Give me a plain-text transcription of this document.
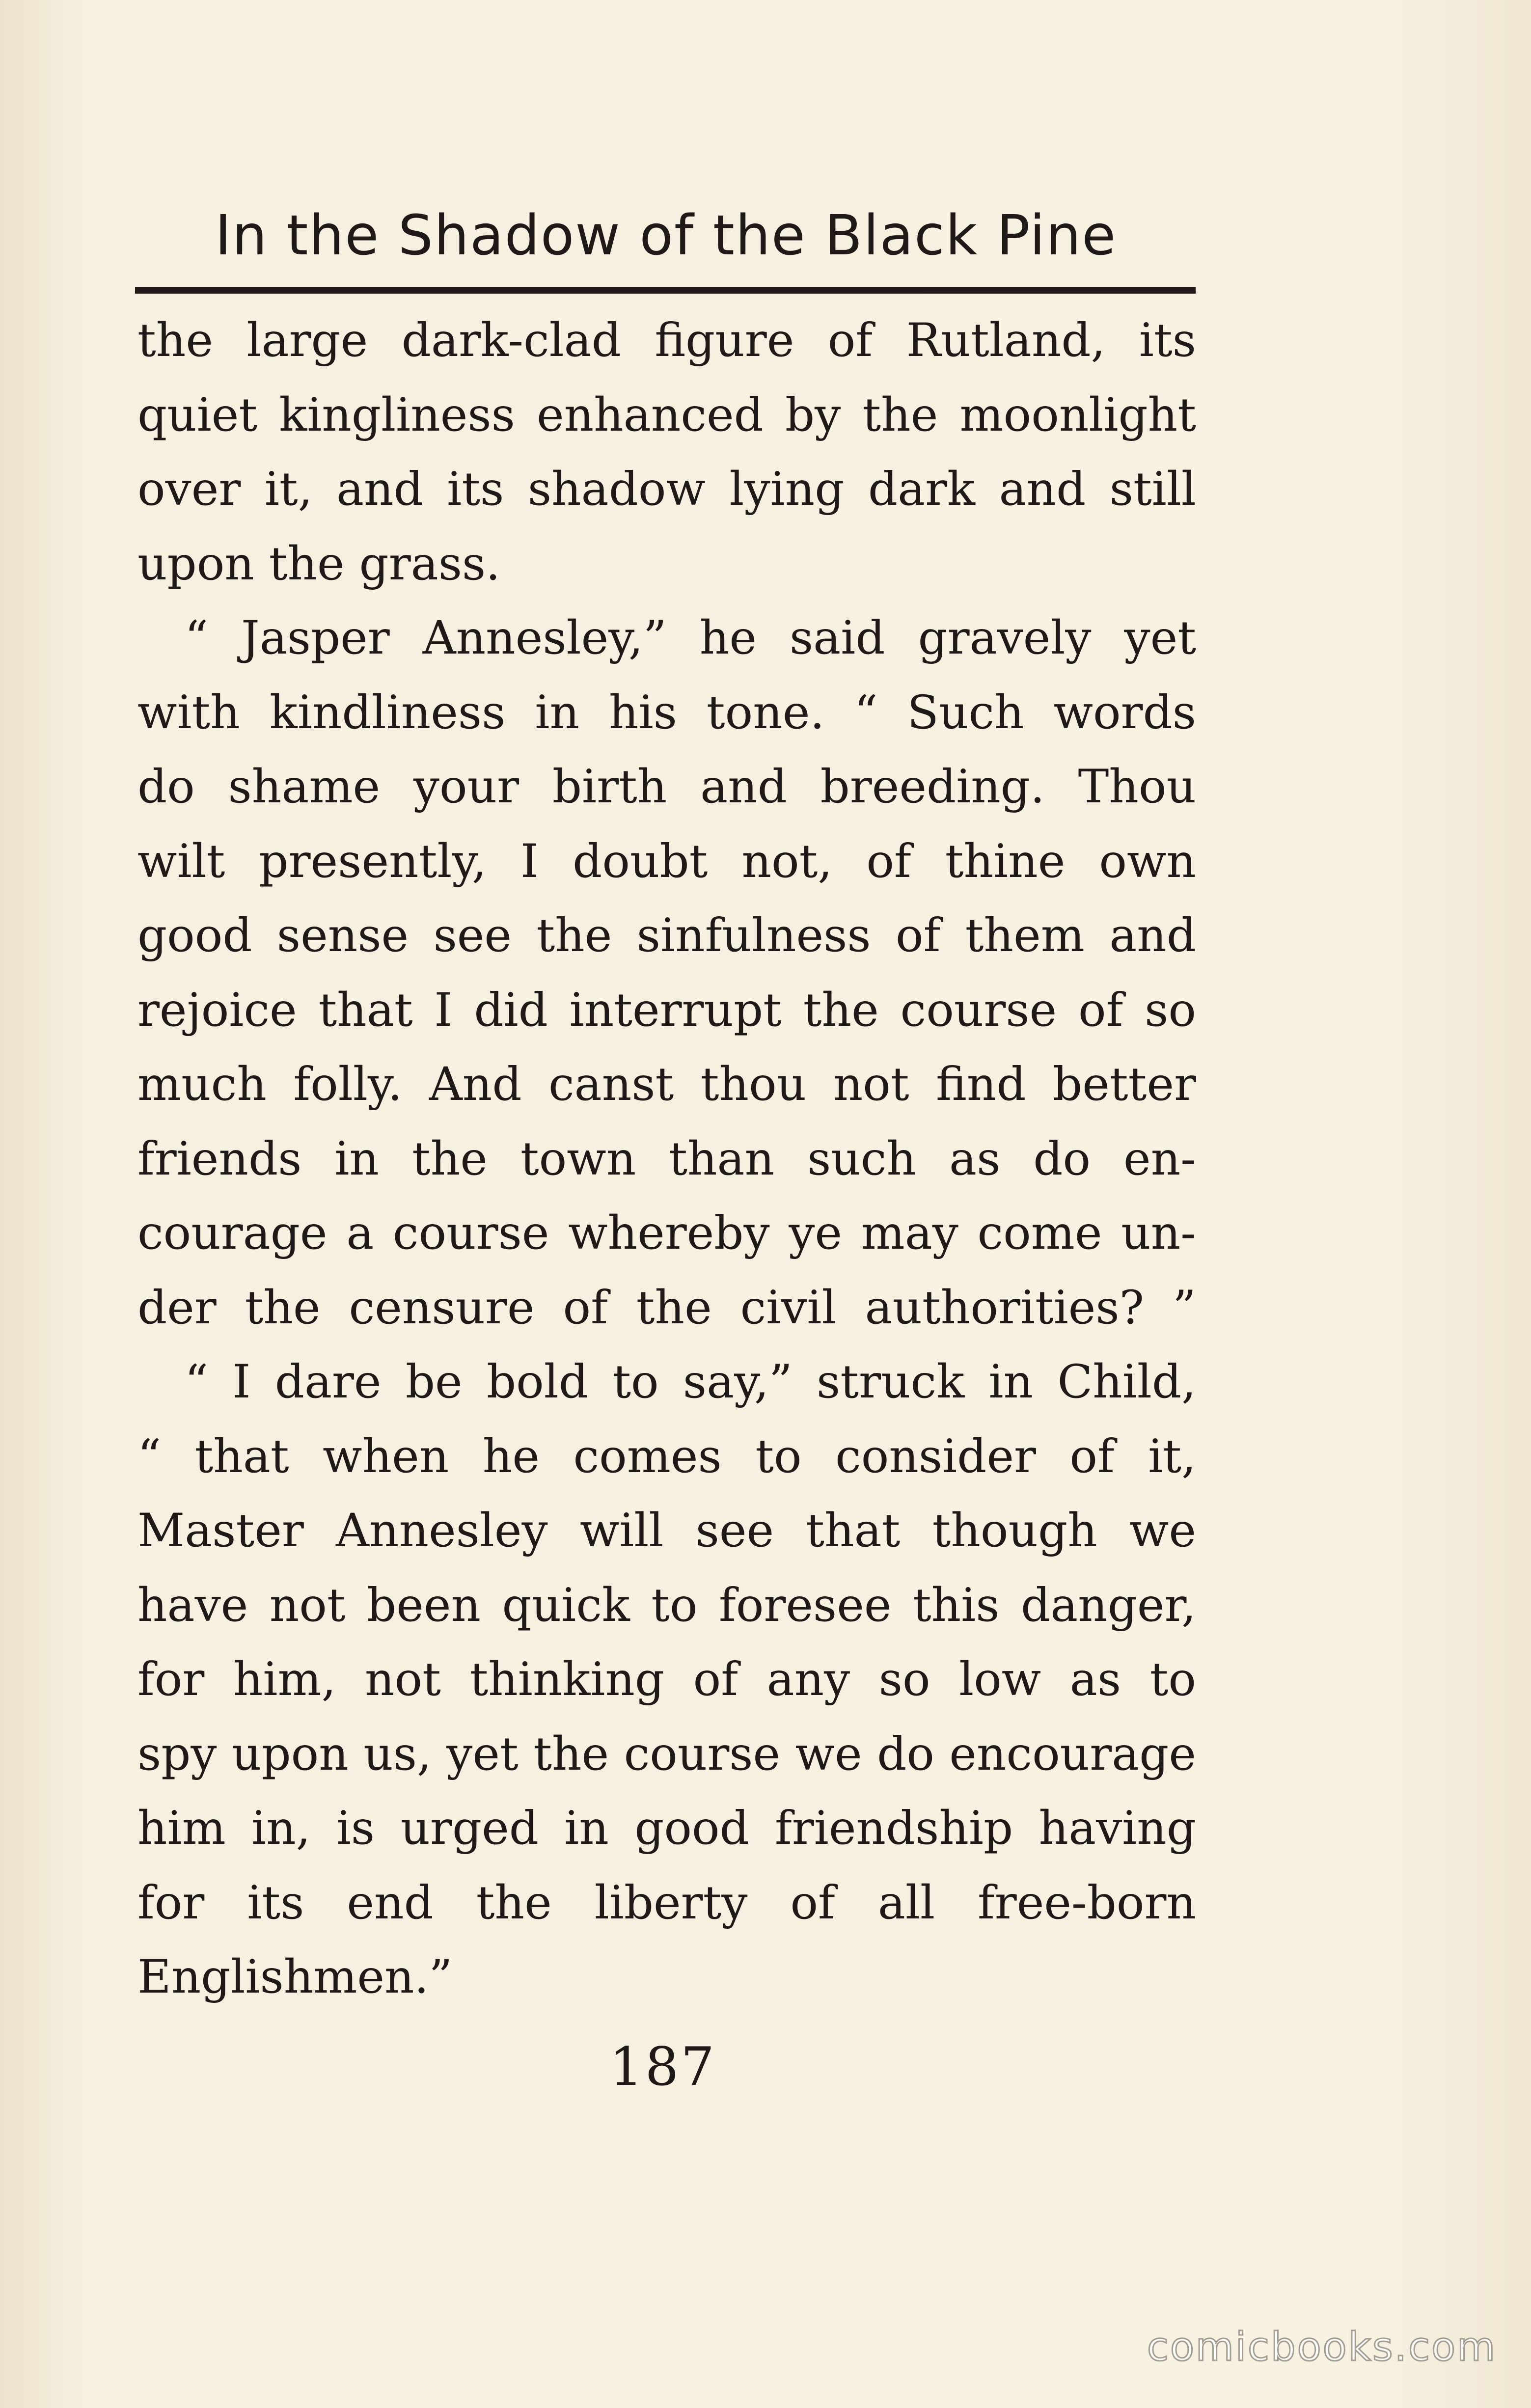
In the Shadow of the Black Pine
the large dark-clad figure of Rutland, its
quiet kingliness enhanced by the moonlight
over it, and its shadow lying dark and still
upon the grass.
“ Jasper Annesley,” he said gravely yet
with kindliness in his tone. “ Such words
do shame your birth and breeding. Thou
wilt presently, I doubt not, of thine own
good sense see the sinfulness of them and
rejoice that I did interrupt the course of so
much folly. And canst thou not find better
friends in the town than such as do en-
courage a course whereby ye may come un-
der the censure of the civil authorities? ”
“ I dare be bold to say,” struck in Child,
“ that when he comes to consider of it,
Master Annesley will see that though we
have not been quick to foresee this danger,
for him, not thinking of any so low as to
spy upon us, yet the course we do encourage
him in, is urged in good friendship having
for its end the liberty of all free-born
Englishmen.”
187
comicbooks.com
